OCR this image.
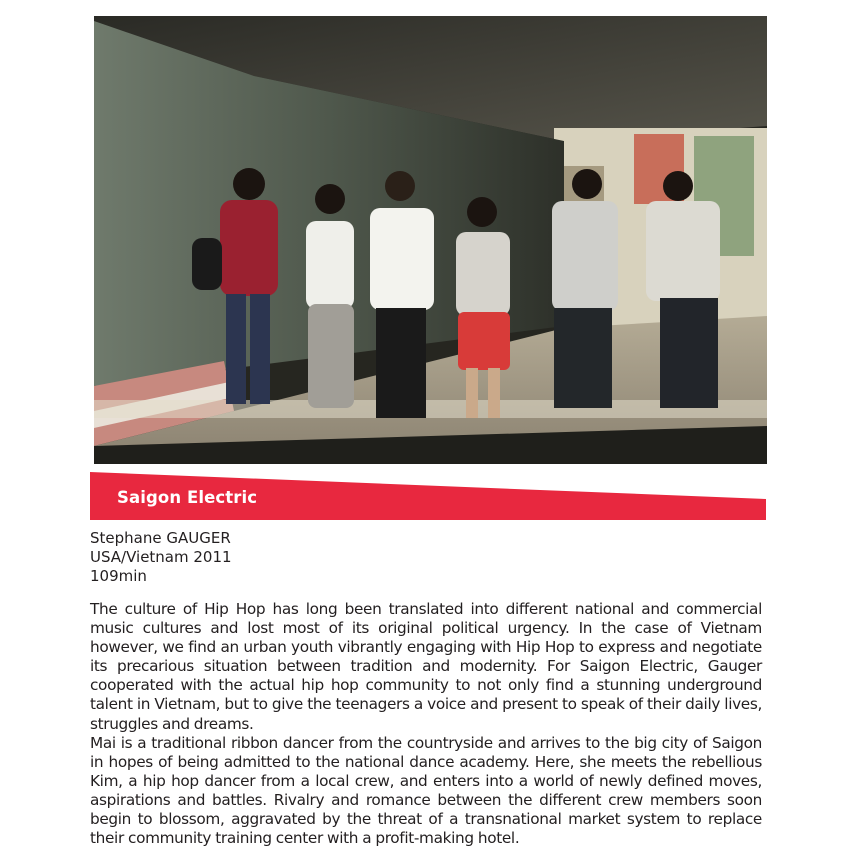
Saigon Electric
Stephane GAUGER
USA/Vietnam 2011
109min

The culture of Hip Hop has long been translated into different national and commercial music cultures and lost most of its original political urgency. In the case of Vietnam however, we find an urban youth vibrantly engaging with Hip Hop to express and negotiate its precarious situation between tradition and modernity. For Saigon Electric, Gauger cooperated with the actual hip hop community to not only find a stunning underground talent in Vietnam, but to give the teenagers a voice and present to speak of their daily lives, struggles and dreams.

Mai is a traditional ribbon dancer from the countryside and arrives to the big city of Saigon in hopes of being admitted to the national dance academy. Here, she meets the rebellious Kim, a hip hop dancer from a local crew, and enters into a world of newly defined moves, aspirations and battles. Rivalry and romance between the different crew members soon begin to blossom, aggravated by the threat of a transnational market system to replace their community training center with a profit-making hotel.
